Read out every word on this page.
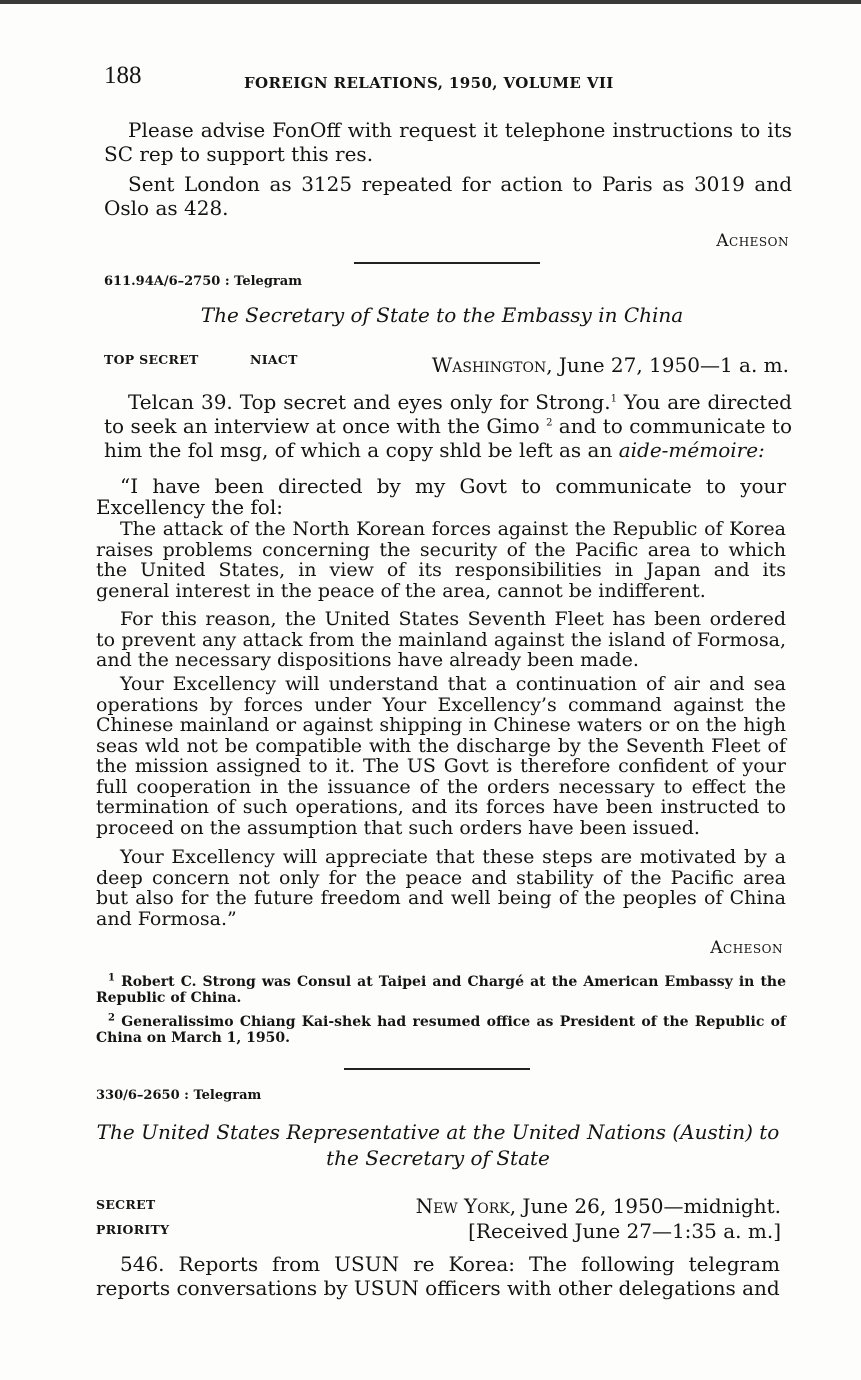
188	FOREIGN RELATIONS, 1950, VOLUME VII
Please advise FonOff with request it telephone instructions to its SC rep to support this res.
Sent London as 3125 repeated for action to Paris as 3019 and Oslo as 428.
Acheson
611.94A/6–2750 : Telegram
The Secretary of State to the Embassy in China
TOP SECRET	NIACT	Washington, June 27, 1950—1 a. m.
Telcan 39. Top secret and eyes only for Strong.$^1$ You are directed to seek an interview at once with the Gimo $^2$ and to communicate to him the fol msg, of which a copy shld be left as an aide-mémoire:
“I have been directed by my Govt to communicate to your Excellency the fol:
The attack of the North Korean forces against the Republic of Korea raises problems concerning the security of the Pacific area to which the United States, in view of its responsibilities in Japan and its general interest in the peace of the area, cannot be indifferent.
For this reason, the United States Seventh Fleet has been ordered to prevent any attack from the mainland against the island of Formosa, and the necessary dispositions have already been made.
Your Excellency will understand that a continuation of air and sea operations by forces under Your Excellency’s command against the Chinese mainland or against shipping in Chinese waters or on the high seas wld not be compatible with the discharge by the Seventh Fleet of the mission assigned to it. The US Govt is therefore confident of your full cooperation in the issuance of the orders necessary to effect the termination of such operations, and its forces have been instructed to proceed on the assumption that such orders have been issued.
Your Excellency will appreciate that these steps are motivated by a deep concern not only for the peace and stability of the Pacific area but also for the future freedom and well being of the peoples of China and Formosa.”
Acheson
$^1$ Robert C. Strong was Consul at Taipei and Chargé at the American Embassy in the Republic of China.
$^2$ Generalissimo Chiang Kai-shek had resumed office as President of the Republic of China on March 1, 1950.
330/6–2650 : Telegram
The United States Representative at the United Nations (Austin) to
the Secretary of State
SECRET
PRIORITY
New York, June 26, 1950—midnight.
[Received June 27—1:35 a. m.]
546. Reports from USUN re Korea: The following telegram reports conversations by USUN officers with other delegations and
